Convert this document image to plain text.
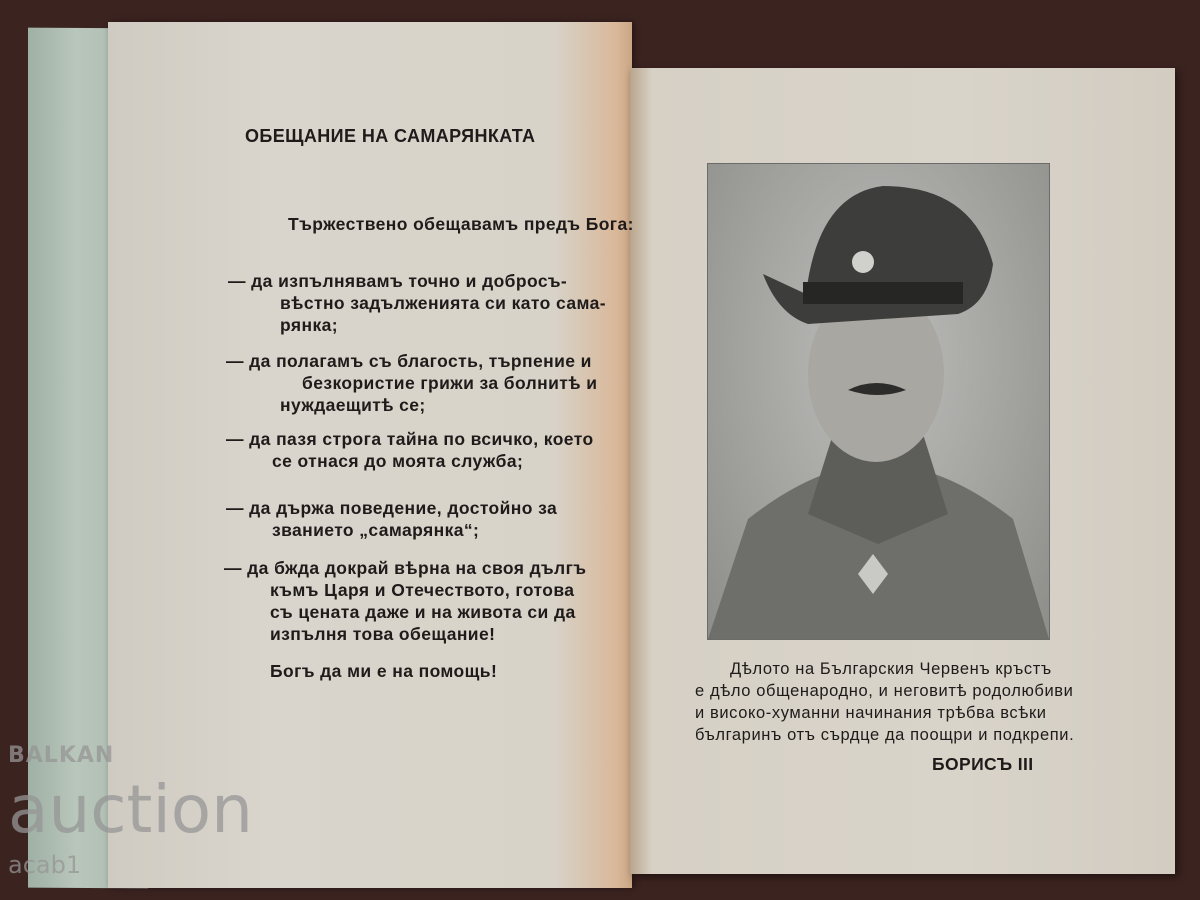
ОБЕЩАНИЕ НА САМАРЯНКАТА
Тържествено обещавамъ предъ Бога:
— да изпълнявамъ точно и добросъ-
вѣстно задълженията си като сама-
рянка;
— да полагамъ съ благость, търпение и
безкористие грижи за болнитѣ и
нуждаещитѣ се;
— да пазя строга тайна по всичко, което
се отнася до моята служба;
— да държа поведение, достойно за
званието „самарянка“;
— да бжда докрай вѣрна на своя дългъ
къмъ Царя и Отечеството, готова
съ цената даже и на живота си да
изпълня това обещание!
Богъ да ми е на помощь!	Дѣлото на Българския Червенъ кръстъ
е дѣло общенародно, и неговитѣ родолюбиви
и високо-хуманни начинания трѣбва всѣки
българинъ отъ сърдце да поощри и подкрепи.
БОРИСЪ III
BALKAN
auction
acab1
